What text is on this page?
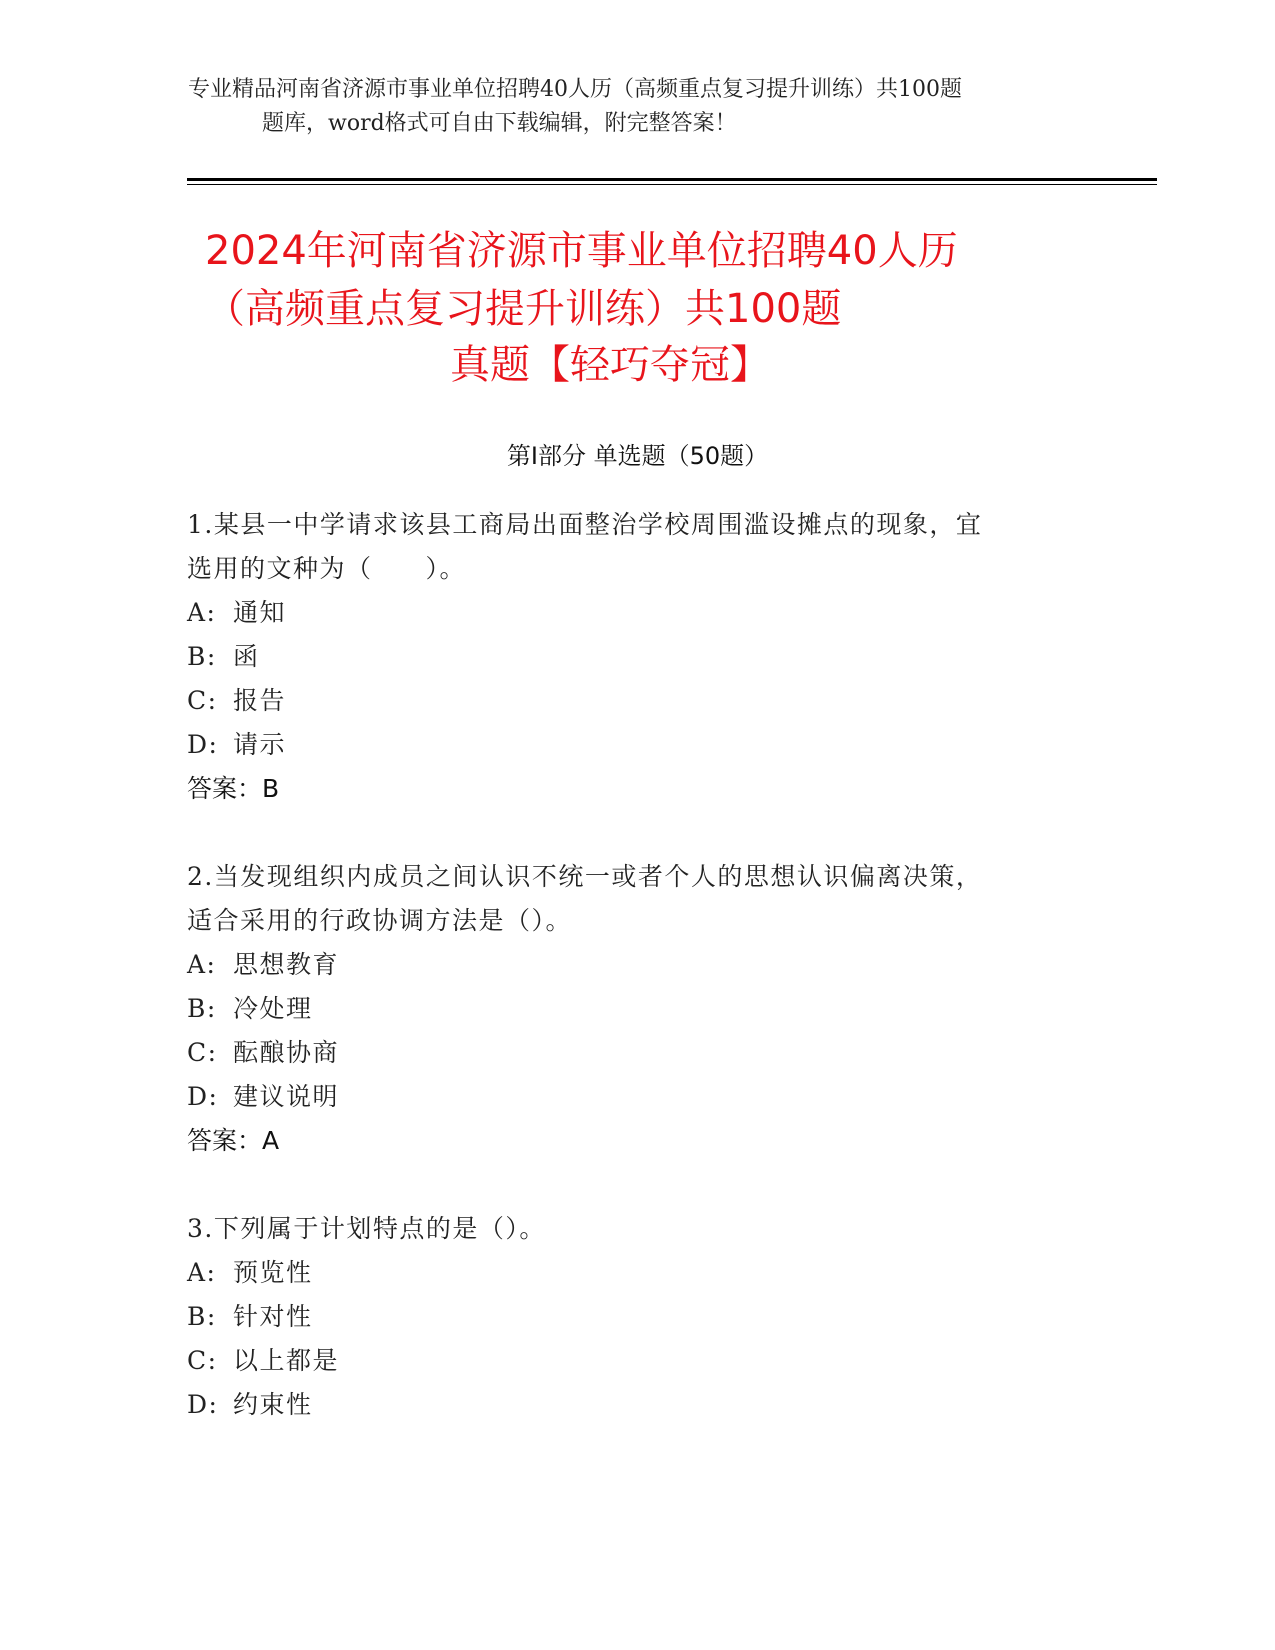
专业精品河南省济源市事业单位招聘40人历（高频重点复习提升训练）共100题
题库，word格式可自由下载编辑，附完整答案！
2024年河南省济源市事业单位招聘40人历
（高频重点复习提升训练）共100题
真题【轻巧夺冠】
第Ⅰ部分 单选题（50题）
1.某县一中学请求该县工商局出面整治学校周围滥设摊点的现象，宜
选用的文种为（　　）。
A: 通知
B: 函
C: 报告
D: 请示
答案：B
2.当发现组织内成员之间认识不统一或者个人的思想认识偏离决策，
适合采用的行政协调方法是（）。
A: 思想教育
B: 冷处理
C: 酝酿协商
D: 建议说明
答案：A
3.下列属于计划特点的是（）。
A: 预览性
B: 针对性
C: 以上都是
D: 约束性
